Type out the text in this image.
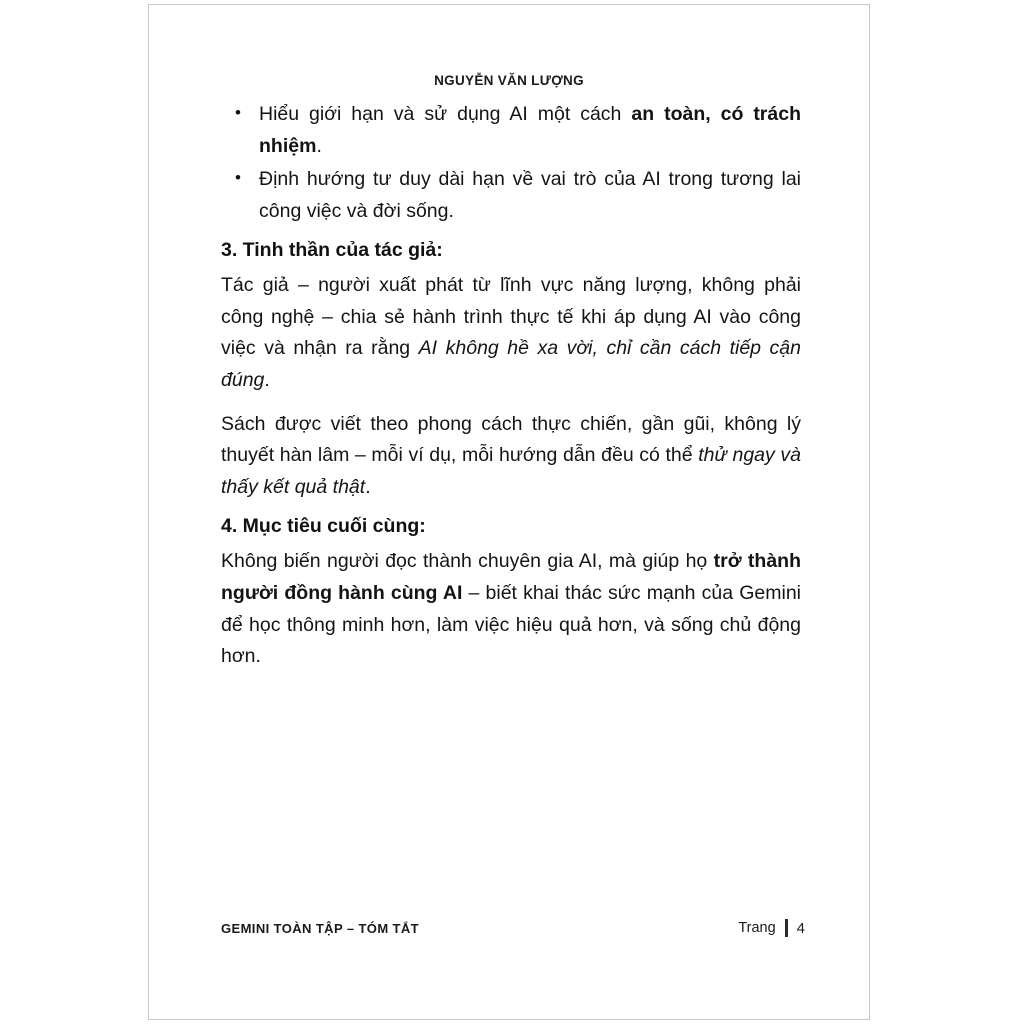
NGUYỄN VĂN LƯỢNG
• Hiểu giới hạn và sử dụng AI một cách an toàn, có trách nhiệm.
• Định hướng tư duy dài hạn về vai trò của AI trong tương lai công việc và đời sống.
3. Tinh thần của tác giả:

Tác giả – người xuất phát từ lĩnh vực năng lượng, không phải công nghệ – chia sẻ hành trình thực tế khi áp dụng AI vào công việc và nhận ra rằng AI không hề xa vời, chỉ cần cách tiếp cận đúng.

Sách được viết theo phong cách thực chiến, gần gũi, không lý thuyết hàn lâm – mỗi ví dụ, mỗi hướng dẫn đều có thể thử ngay và thấy kết quả thật.

4. Mục tiêu cuối cùng:

Không biến người đọc thành chuyên gia AI, mà giúp họ trở thành người đồng hành cùng AI – biết khai thác sức mạnh của Gemini để học thông minh hơn, làm việc hiệu quả hơn, và sống chủ động hơn.

GEMINI TOÀN TẬP – TÓM TẮT	Trang 4
